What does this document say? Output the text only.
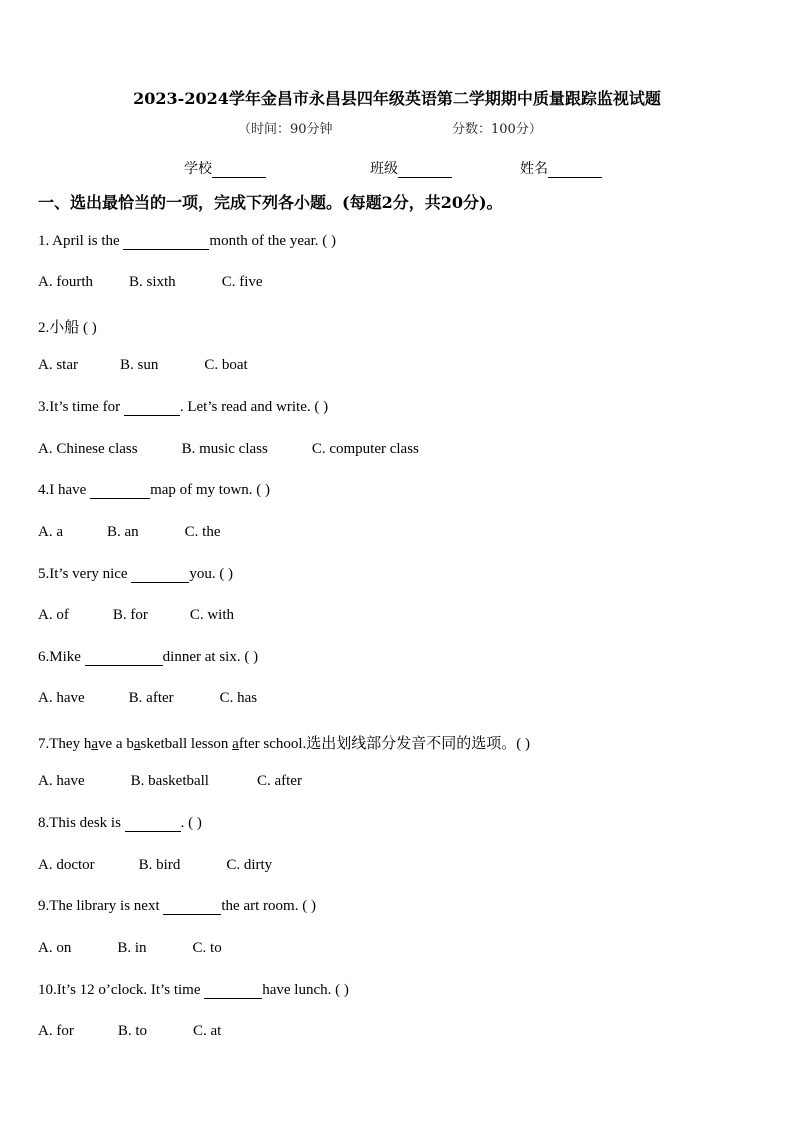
2023-2024学年金昌市永昌县四年级英语第二学期期中质量跟踪监视试题
（时间：90分钟	分数：100分）
学校	班级	姓名
一、选出最恰当的一项，完成下列各小题。(每题2分，共20分)。
1. April is the	month of the year. ( )
A. fourth B. sixth	C. five
2.小船 ( )
A. star	B. sun	C. boat
3.It’s time for	. Let’s read and write. ( )
A. Chinese class	B. music class	C. computer class
4.I have	map of my town. ( )
A. a	B. an	C. the
5.It’s very nice	you. ( )
A. of	B. for	C. with
6.Mike	dinner at six. ( )
A. have	B. after	C. has
7.They have a basketball lesson after school.选出划线部分发音不同的选项。( )
A. have	B. basketball	C. after
8.This desk is	. ( )
A. doctor	B. bird	C. dirty
9.The library is next	the art room. ( )
A. on	B. in	C. to
10.It’s 12 o’clock. It’s time	have lunch. ( )
A. for	B. to	C. at
